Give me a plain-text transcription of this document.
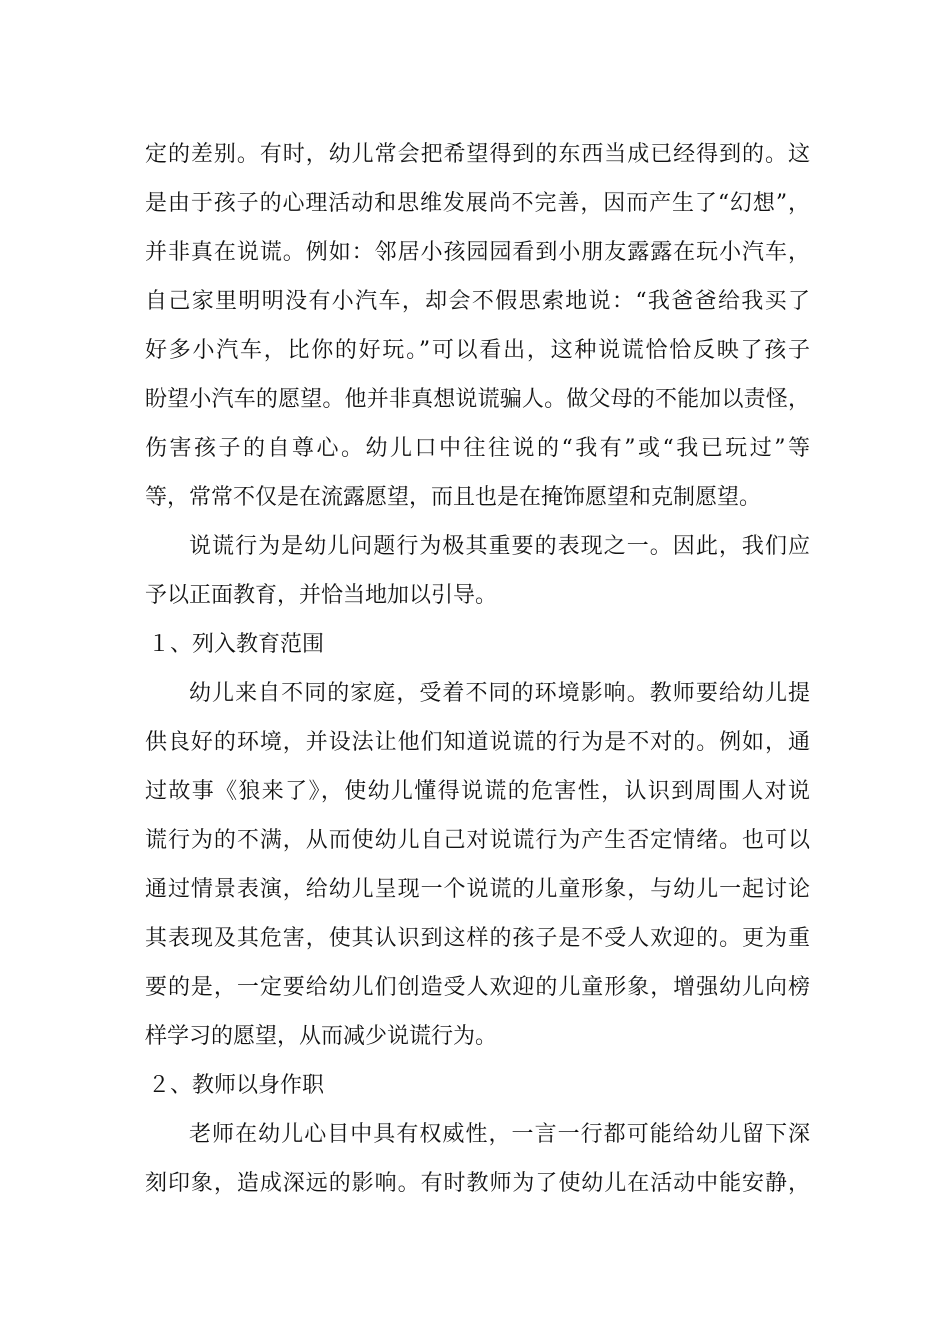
定的差别。有时，幼儿常会把希望得到的东西当成已经得到的。这
是由于孩子的心理活动和思维发展尚不完善，因而产生了“幻想”，
并非真在说谎。例如：邻居小孩园园看到小朋友露露在玩小汽车，
自己家里明明没有小汽车，却会不假思索地说：“我爸爸给我买了
好多小汽车，比你的好玩。”可以看出，这种说谎恰恰反映了孩子
盼望小汽车的愿望。他并非真想说谎骗人。做父母的不能加以责怪，
伤害孩子的自尊心。幼儿口中往往说的“我有”或“我已玩过”等
等，常常不仅是在流露愿望，而且也是在掩饰愿望和克制愿望。
说谎行为是幼儿问题行为极其重要的表现之一。因此，我们应
予以正面教育，并恰当地加以引导。
１、列入教育范围
幼儿来自不同的家庭，受着不同的环境影响。教师要给幼儿提
供良好的环境，并设法让他们知道说谎的行为是不对的。例如，通
过故事《狼来了》，使幼儿懂得说谎的危害性，认识到周围人对说
谎行为的不满，从而使幼儿自己对说谎行为产生否定情绪。也可以
通过情景表演，给幼儿呈现一个说谎的儿童形象，与幼儿一起讨论
其表现及其危害，使其认识到这样的孩子是不受人欢迎的。更为重
要的是，一定要给幼儿们创造受人欢迎的儿童形象，增强幼儿向榜
样学习的愿望，从而减少说谎行为。
２、教师以身作职
老师在幼儿心目中具有权威性，一言一行都可能给幼儿留下深
刻印象，造成深远的影响。有时教师为了使幼儿在活动中能安静，
